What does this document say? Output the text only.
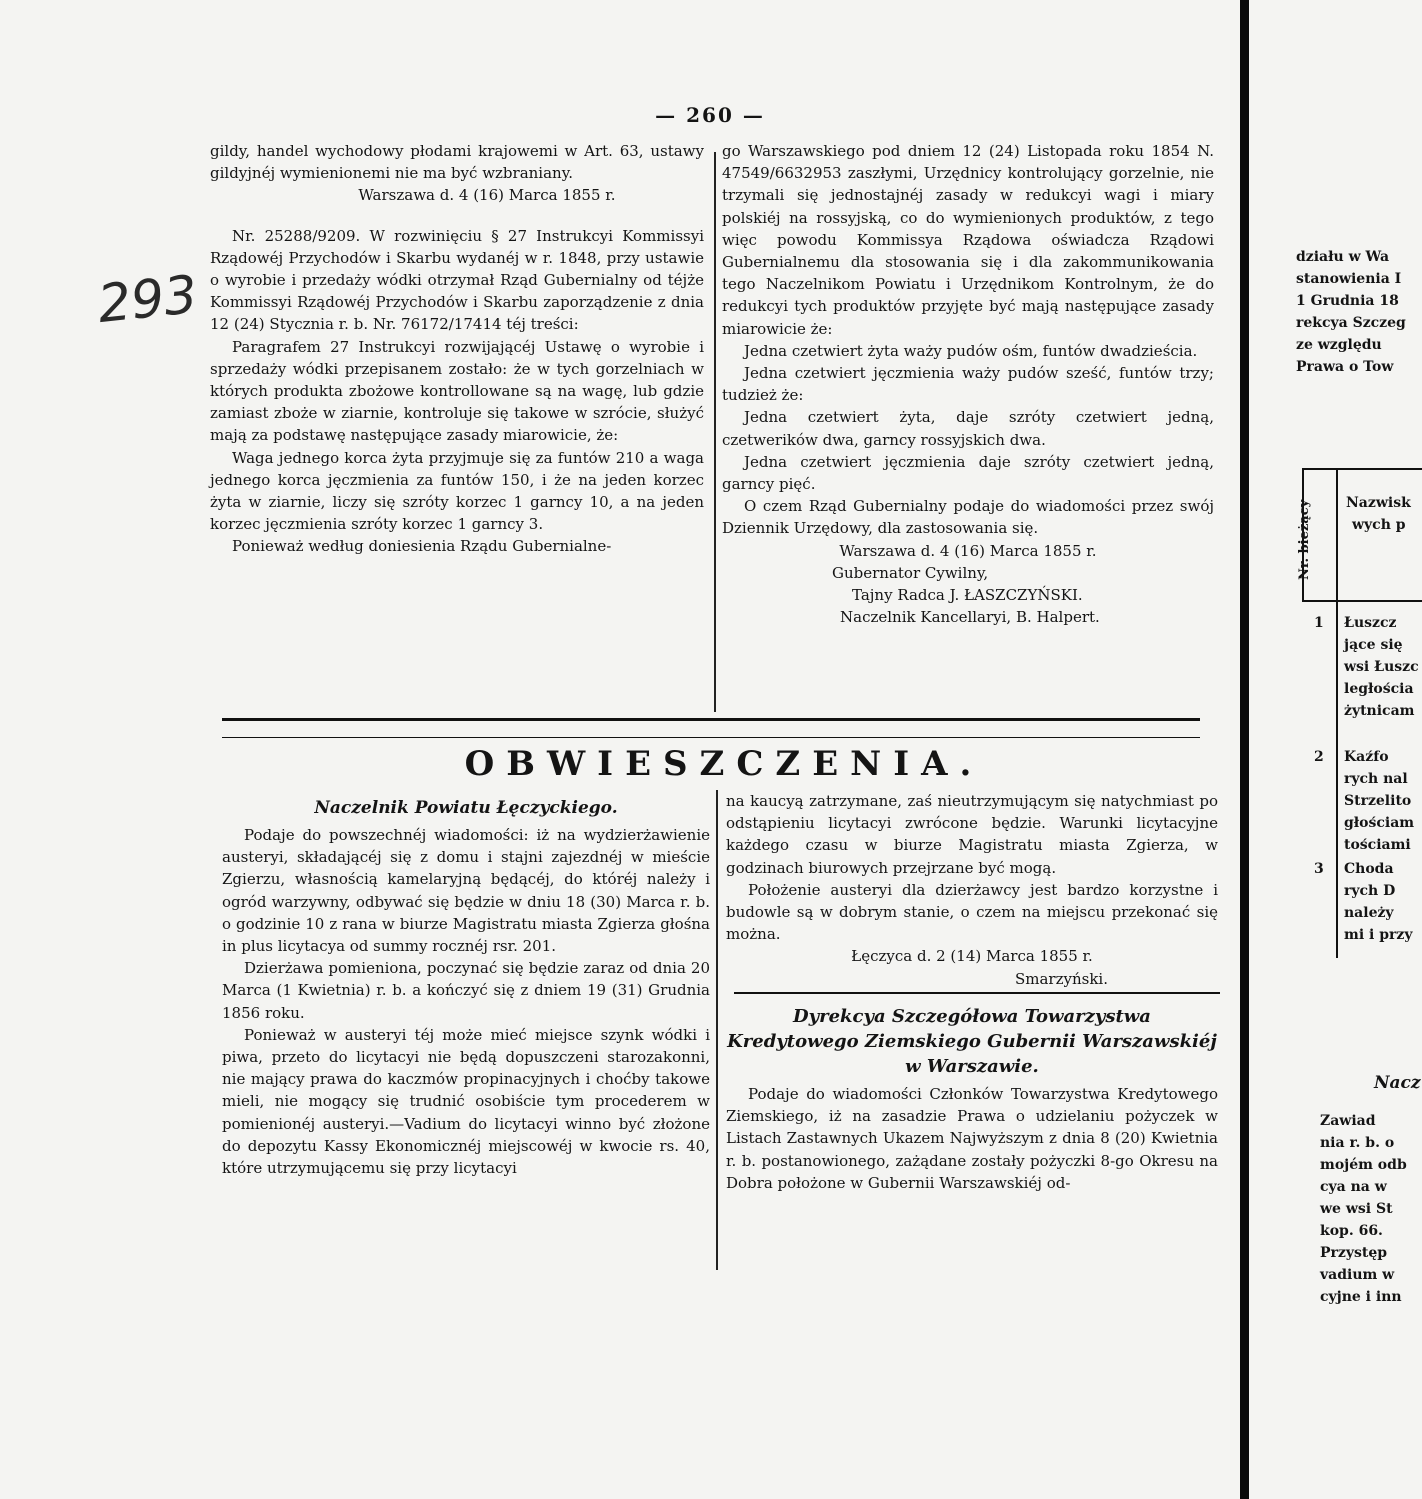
— 260 —
293

gildy, handel wychodowy płodami krajowemi w Art. 63, ustawy gildyjnéj wymienionemi nie ma być wzbraniany.

Warszawa d. 4 (16) Marca 1855 r.

Nr. 25288/9209. W rozwinięciu § 27 Instrukcyi Kommissyi Rządowéj Przychodów i Skarbu wydanéj w r. 1848, przy ustawie o wyrobie i przedaży wódki otrzymał Rząd Gubernialny od téjże Kommissyi Rządowéj Przychodów i Skarbu zaporządzenie z dnia 12 (24) Stycznia r. b. Nr. 76172/17414 téj treści:

Paragrafem 27 Instrukcyi rozwijającéj Ustawę o wyrobie i sprzedaży wódki przepisanem zostało: że w tych gorzelniach w których produkta zbożowe kontrollowane są na wagę, lub gdzie zamiast zboże w ziarnie, kontroluje się takowe w szrócie, służyć mają za podstawę następujące zasady miarowicie, że:

Waga jednego korca żyta przyjmuje się za funtów 210 a waga jednego korca jęczmienia za funtów 150, i że na jeden korzec żyta w ziarnie, liczy się szróty korzec 1 garncy 10, a na jeden korzec jęczmienia szróty korzec 1 garncy 3.

Ponieważ według doniesienia Rządu Gubernialne-

go Warszawskiego pod dniem 12 (24) Listopada roku 1854 N. 47549/6632953 zaszłymi, Urzędnicy kontrolujący gorzelnie, nie trzymali się jednostajnéj zasady w redukcyi wagi i miary polskiéj na rossyjską, co do wymienionych produktów, z tego więc powodu Kommissya Rządowa oświadcza Rządowi Gubernialnemu dla stosowania się i dla zakommunikowania tego Naczelnikom Powiatu i Urzędnikom Kontrolnym, że do redukcyi tych produktów przyjęte być mają następujące zasady miarowicie że:

Jedna czetwiert żyta waży pudów ośm, funtów dwadzieścia.

Jedna czetwiert jęczmienia waży pudów sześć, funtów trzy; tudzież że:

Jedna czetwiert żyta, daje szróty czetwiert jedną, czetwerików dwa, garncy rossyjskich dwa.

Jedna czetwiert jęczmienia daje szróty czetwiert jedną, garncy pięć.

O czem Rząd Gubernialny podaje do wiadomości przez swój Dziennik Urzędowy, dla zastosowania się.

Warszawa d. 4 (16) Marca 1855 r.

Gubernator Cywilny,

Tajny Radca J. ŁASZCZYŃSKI.

Naczelnik Kancellaryi, B. Halpert.

OBWIESZCZENIA.

Naczelnik Powiatu Łęczyckiego.

Podaje do powszechnéj wiadomości: iż na wydzierżawienie austeryi, składającéj się z domu i stajni zajezdnéj w mieście Zgierzu, własnością kamelaryjną będącéj, do któréj należy i ogród warzywny, odbywać się będzie w dniu 18 (30) Marca r. b. o godzinie 10 z rana w biurze Magistratu miasta Zgierza głośna in plus licytacya od summy rocznéj rsr. 201.

Dzierżawa pomieniona, poczynać się będzie zaraz od dnia 20 Marca (1 Kwietnia) r. b. a kończyć się z dniem 19 (31) Grudnia 1856 roku.

Ponieważ w austeryi téj może mieć miejsce szynk wódki i piwa, przeto do licytacyi nie będą dopuszczeni starozakonni, nie mający prawa do kaczmów propinacyjnych i choćby takowe mieli, nie mogący się trudnić osobiście tym procederem w pomienionéj austeryi.—Vadium do licytacyi winno być złożone do depozytu Kassy Ekonomicznéj miejscowéj w kwocie rs. 40, które utrzymującemu się przy licytacyi

na kaucyą zatrzymane, zaś nieutrzymującym się natychmiast po odstąpieniu licytacyi zwrócone będzie. Warunki licytacyjne każdego czasu w biurze Magistratu miasta Zgierza, w godzinach biurowych przejrzane być mogą.

Położenie austeryi dla dzierżawcy jest bardzo korzystne i budowle są w dobrym stanie, o czem na miejscu przekonać się można.

Łęczyca d. 2 (14) Marca 1855 r.

Smarzyński.

Dyrekcya Szczegółowa Towarzystwa Kredytowego Ziemskiego Gubernii Warszawskiéj w Warszawie.

Podaje do wiadomości Członków Towarzystwa Kredytowego Ziemskiego, iż na zasadzie Prawa o udzielaniu pożyczek w Listach Zastawnych Ukazem Najwyższym z dnia 8 (20) Kwietnia r. b. postanowionego, zażądane zostały pożyczki 8-go Okresu na Dobra położone w Gubernii Warszawskiéj od-

działu w Wa
stanowienia I
1 Grudnia 18
rekcya Szczeg
ze względu
Prawa o Tow
Nr. bieżący Nazwisk
wych p
1 Łuszcz
jące się
wsi Łuszc
ległościa
żytnicam
2 Kaźfo
rych nal
Strzelito
głościam
tościami
3 Choda
rych D
należy
mi i przy
Nacz
Zawiad
nia r. b. o
mojém odb
cya na w
we wsi St
kop. 66.
Przystęp
vadium w
cyjne i inn
